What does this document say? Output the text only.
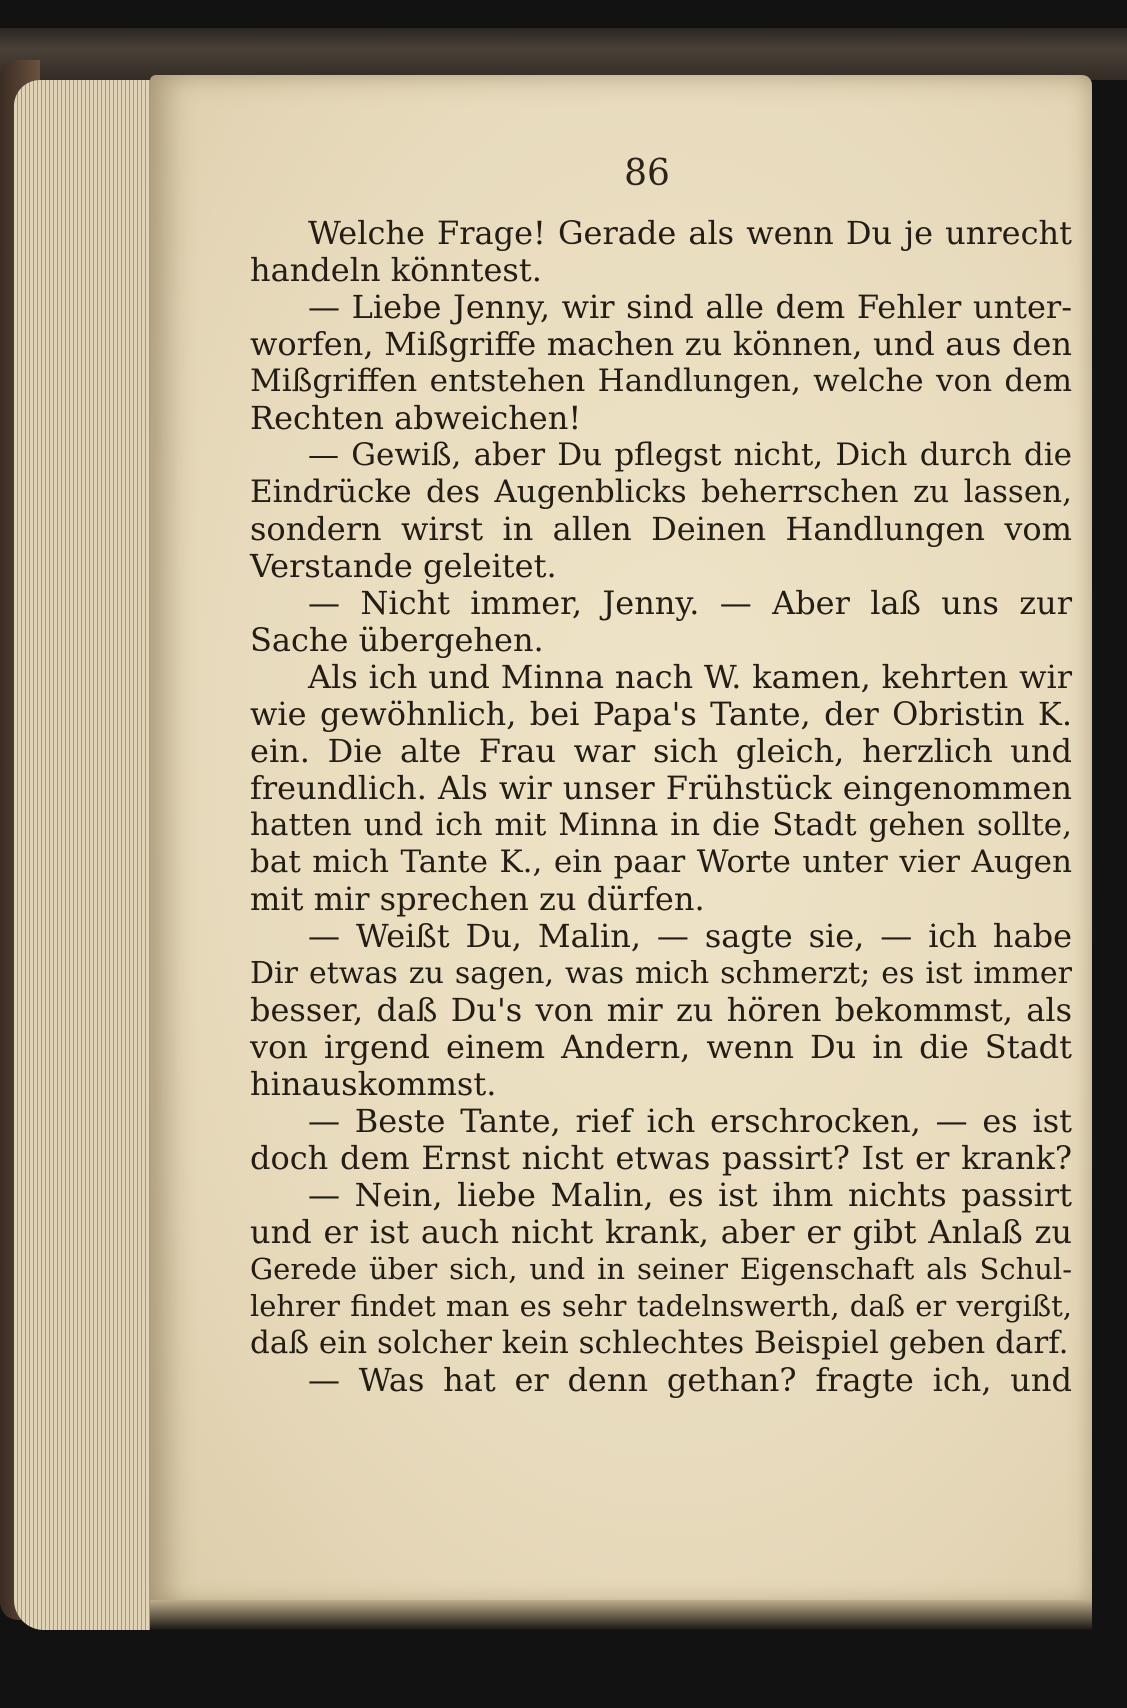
86

Welche Frage! Gerade als wenn Du je unrecht
handeln könntest.
— Liebe Jenny, wir sind alle dem Fehler unter-
worfen, Mißgriffe machen zu können, und aus den
Mißgriffen entstehen Handlungen, welche von dem
Rechten abweichen!
— Gewiß, aber Du pflegst nicht, Dich durch die
Eindrücke des Augenblicks beherrschen zu lassen,
sondern wirst in allen Deinen Handlungen vom
Verstande geleitet.
— Nicht immer, Jenny. — Aber laß uns zur
Sache übergehen.
Als ich und Minna nach W. kamen, kehrten wir
wie gewöhnlich, bei Papa's Tante, der Obristin K.
ein. Die alte Frau war sich gleich, herzlich und
freundlich. Als wir unser Frühstück eingenommen
hatten und ich mit Minna in die Stadt gehen sollte,
bat mich Tante K., ein paar Worte unter vier Augen
mit mir sprechen zu dürfen.
— Weißt Du, Malin, — sagte sie, — ich habe
Dir etwas zu sagen, was mich schmerzt; es ist immer
besser, daß Du's von mir zu hören bekommst, als
von irgend einem Andern, wenn Du in die Stadt
hinauskommst.
— Beste Tante, rief ich erschrocken, — es ist
doch dem Ernst nicht etwas passirt? Ist er krank?
— Nein, liebe Malin, es ist ihm nichts passirt
und er ist auch nicht krank, aber er gibt Anlaß zu
Gerede über sich, und in seiner Eigenschaft als Schul-
lehrer findet man es sehr tadelnswerth, daß er vergißt,
daß ein solcher kein schlechtes Beispiel geben darf.
— Was hat er denn gethan? fragte ich, und
